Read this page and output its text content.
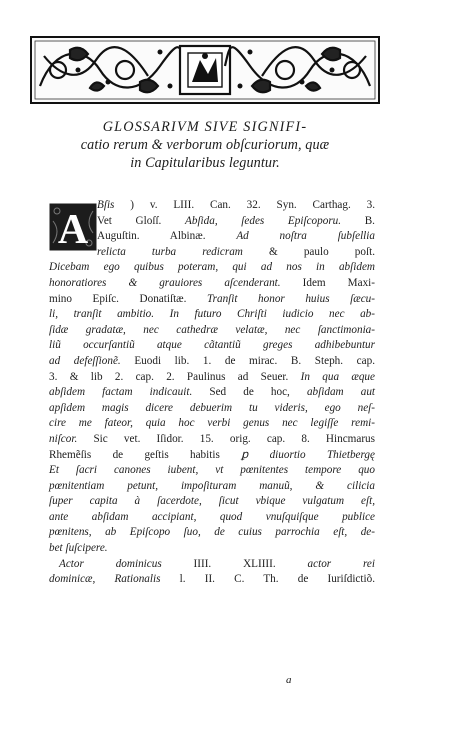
GLOSSARIVM SIVE SIGNIFI-
catio rerum & verborum obſcuriorum, quæ
in Capitularibus leguntur.
A
Bſis ) v. LIII. Can. 32. Syn. Carthag. 3.
Vet Gloſſ. Abſida, ſedes Epiſcoporu. B.
Auguſtin. Albinæ. Ad noſtra ſubſellia
relicta turba redicram & paulo poſt.
Dicebam ego quibus poteram, qui ad nos in abſidem
honoratiores & grauiores aſcenderant. Idem Maxi-
mino Epiſc. Donatiſtæ. Tranſit honor huius ſæcu-
li, tranſit ambitio. In futuro Chriſti iudicio nec ab-
ſidæ gradatæ, nec cathedræ velatæ, nec ſanctimonia-
liũ occurſantiũ atque cãtantiũ greges adhibebuntur
ad defeſſionẽ. Euodi lib. 1. de mirac. B. Steph. cap.
3. & lib 2. cap. 2. Paulinus ad Seuer. In qua æque
abſidem factam indicauit. Sed de hoc, abſidam aut
apſidem magis dicere debuerim tu videris, ego neſ-
cire me fateor, quia hoc verbi genus nec legiſſe remi-
niſcor. Sic vet. Iſidor. 15. orig. cap. 8. Hincmarus
Rhemẽſis de geſtis habitis ꝑ diuortio Thietbergę
Et ſacri canones iubent, vt pœnitentes tempore quo
pœnitentiam petunt, impoſituram manuũ, & cilicia
ſuper capita à ſacerdote, ſicut vbique vulgatum eſt,
ante abſidam accipiant, quod vnuſquiſque publice
pœnitens, ab Epiſcopo ſuo, de cuius parrochia eſt, de-
bet ſuſcipere.
Actor dominicus IIII. XLIIII. actor rei
dominicæ, Rationalis l. II. C. Th. de Iuriſdictiõ.
a
